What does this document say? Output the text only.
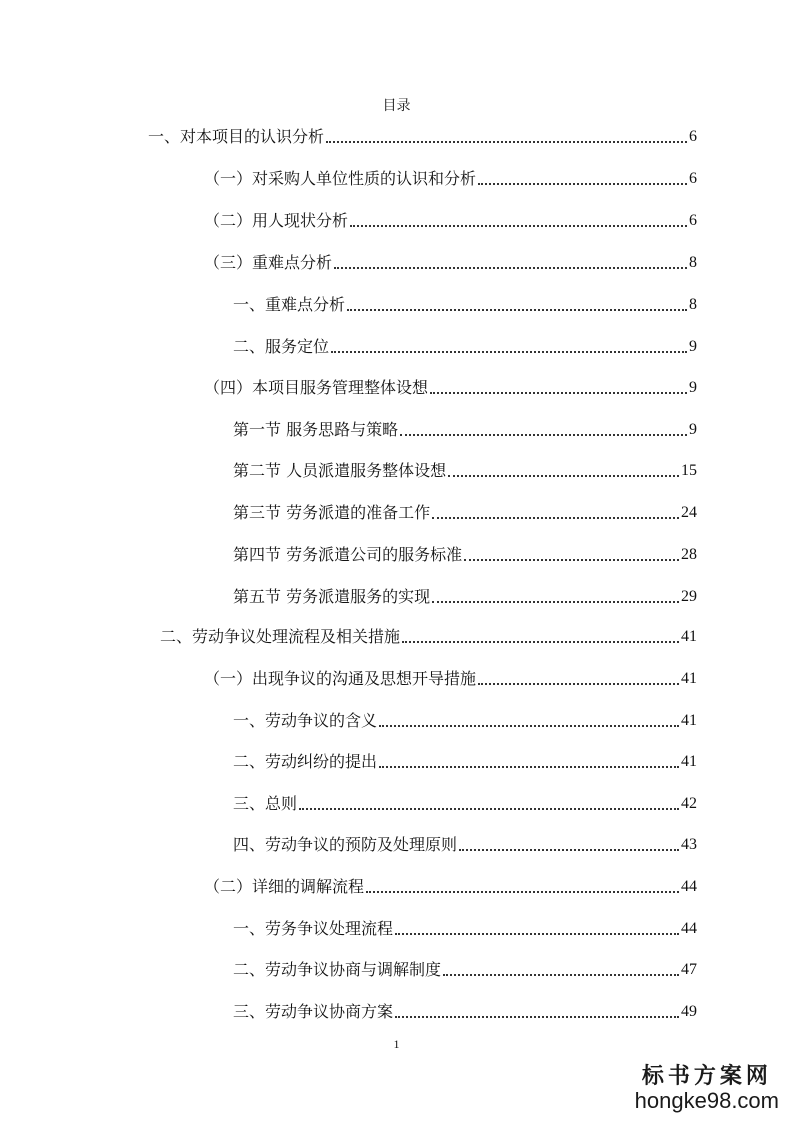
目录
一、对本项目的认识分析	6
（一）对采购人单位性质的认识和分析	6
（二）用人现状分析	6
（三）重难点分析	8
一、重难点分析	8
二、服务定位	9
（四）本项目服务管理整体设想	9
第一节 服务思路与策略	9
第二节 人员派遣服务整体设想	15
第三节 劳务派遣的准备工作	24
第四节 劳务派遣公司的服务标准	28
第五节 劳务派遣服务的实现	29
二、劳动争议处理流程及相关措施	41
（一）出现争议的沟通及思想开导措施	41
一、劳动争议的含义	41
二、劳动纠纷的提出	41
三、总则	42
四、劳动争议的预防及处理原则	43
（二）详细的调解流程	44
一、劳务争议处理流程	44
二、劳动争议协商与调解制度	47
三、劳动争议协商方案	49
1
标书方案网
hongke98.com
